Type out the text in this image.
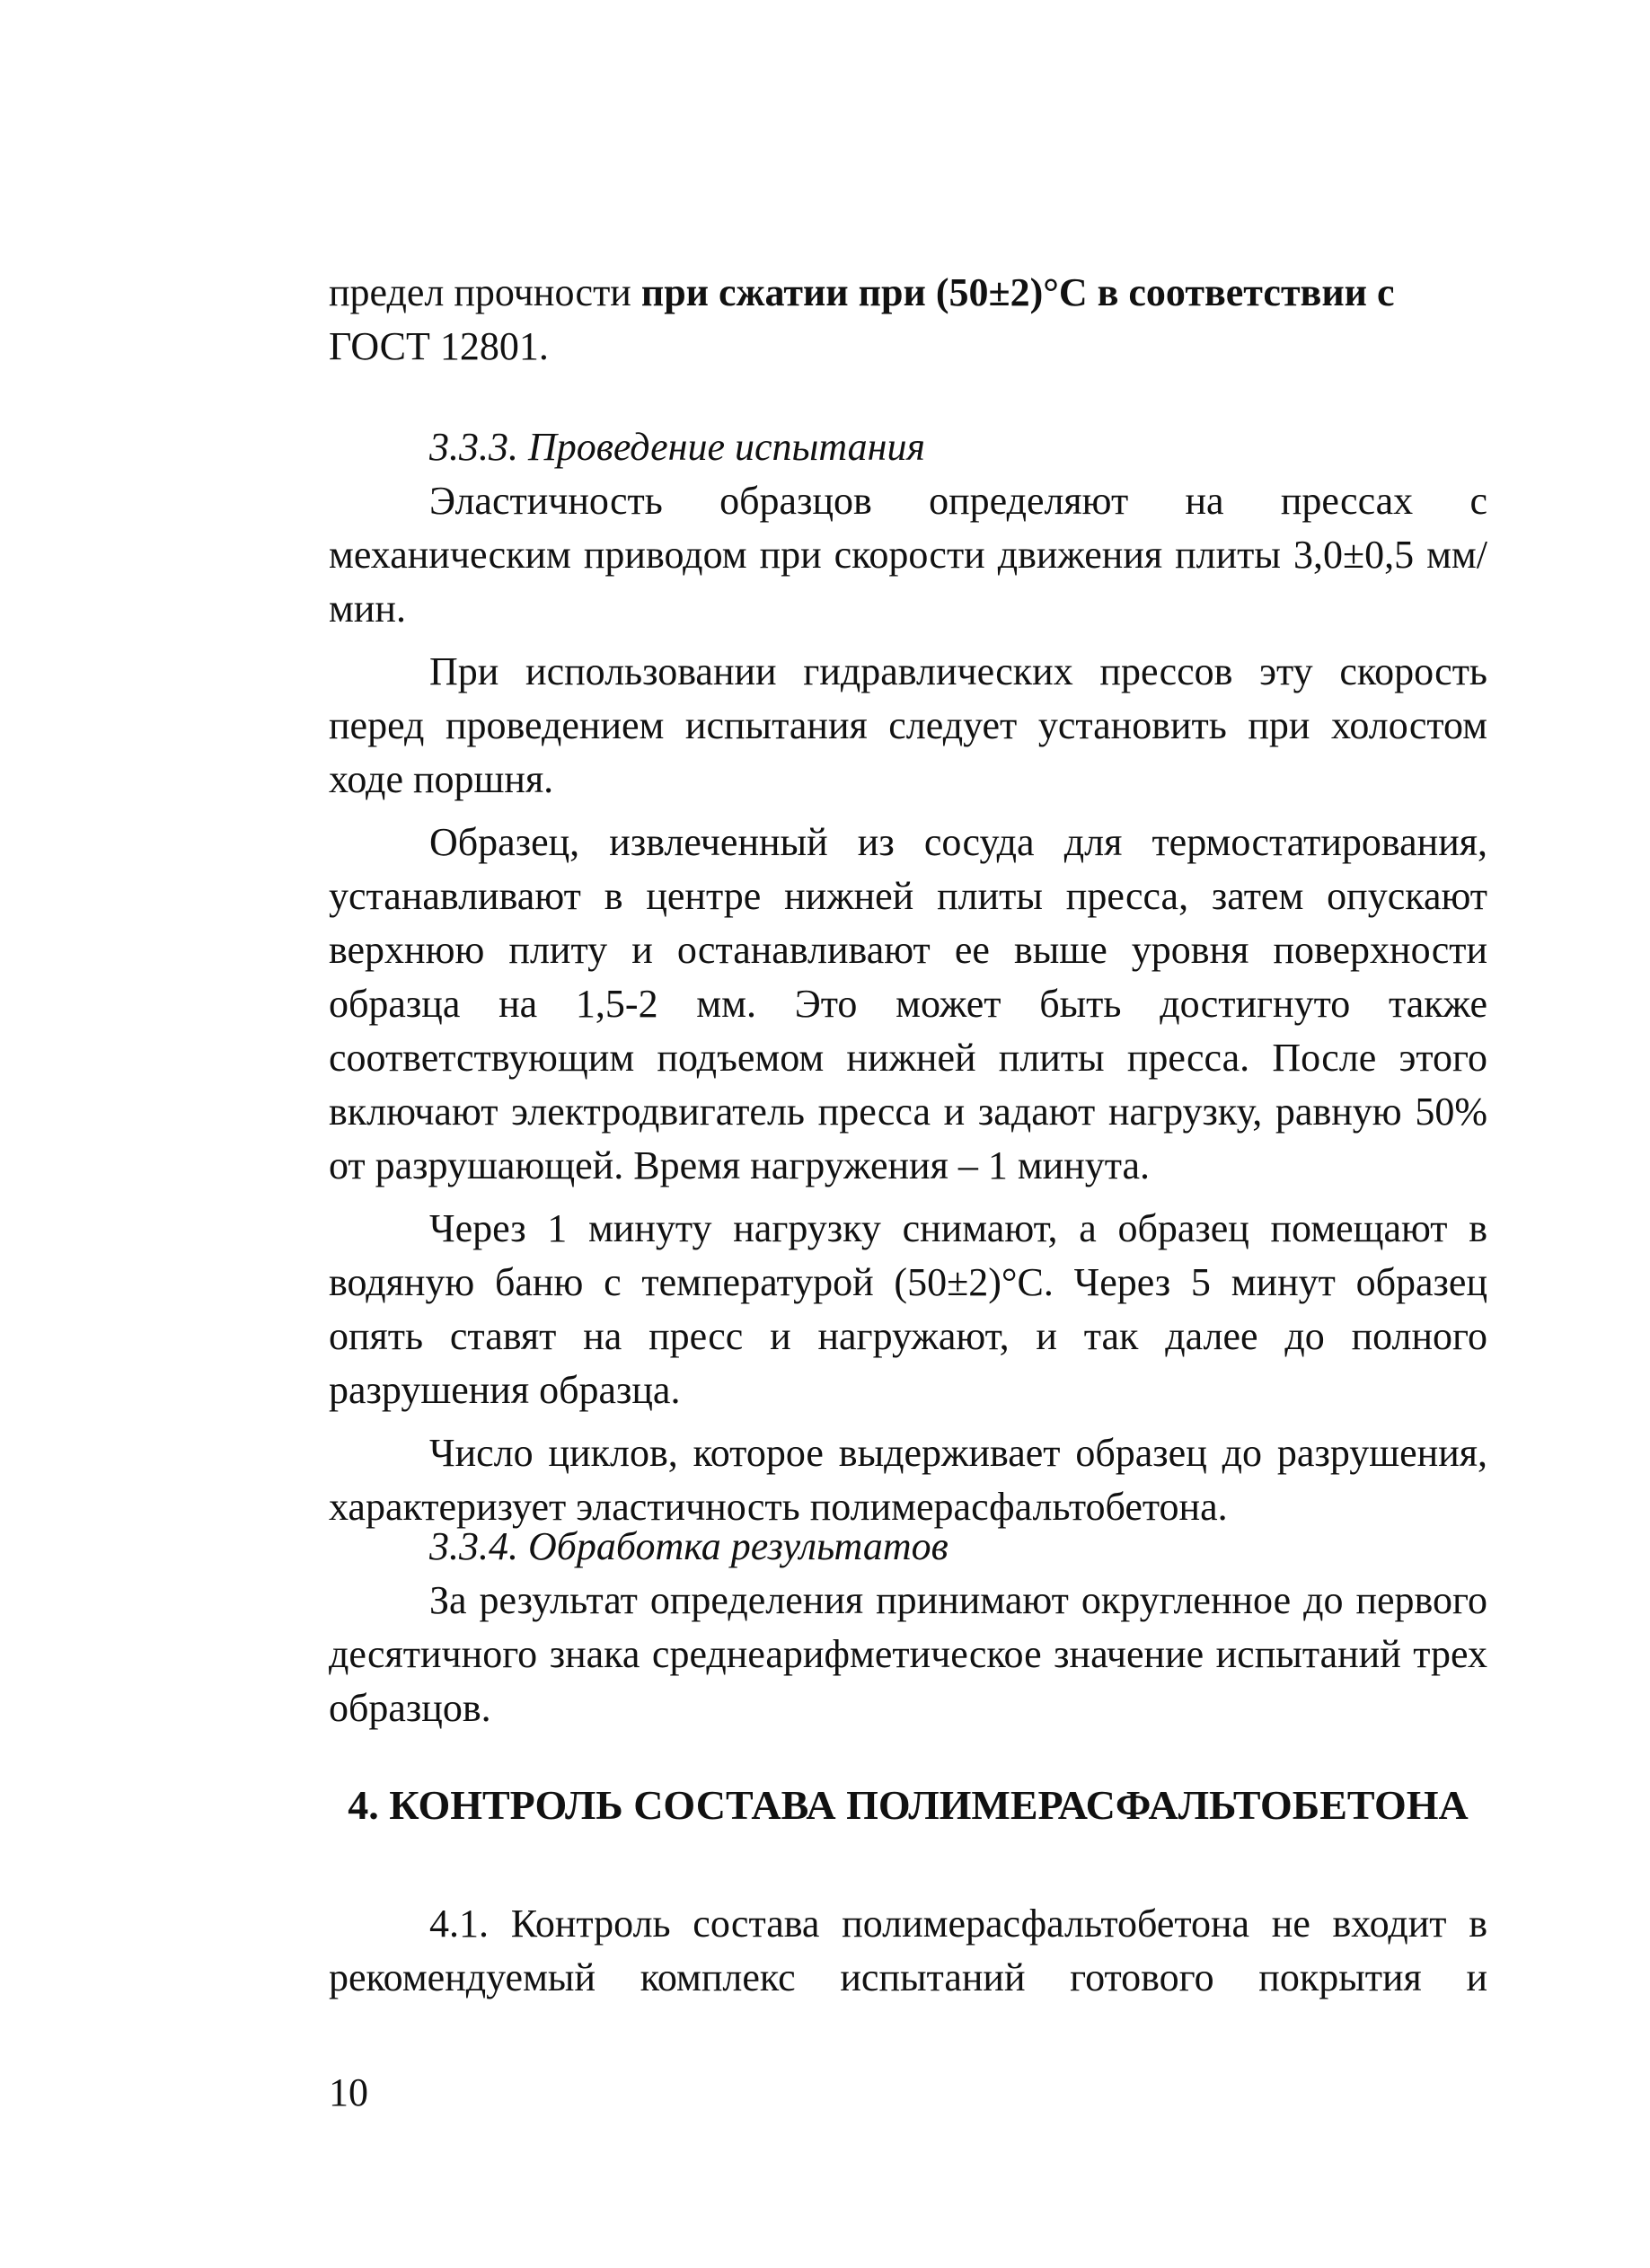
предел прочности при сжатии при (50±2)°С в соответствии с

ГОСТ 12801.

3.3.3. Проведение испытания

Эластичность образцов определяют на прессах с механическим приводом при скорости движения плиты 3,0±0,5 мм/мин.

При использовании гидравлических прессов эту скорость перед проведением испытания следует установить при холостом ходе поршня.

Образец, извлеченный из сосуда для термостатирования, устанавливают в центре нижней плиты пресса, затем опускают верхнюю плиту и останавливают ее выше уровня поверхности образца на 1,5-2 мм. Это может быть достигнуто также соответствующим подъемом нижней плиты пресса. После этого включают электродвигатель пресса и задают нагрузку, равную 50% от разрушающей. Время нагружения – 1 минута.

Через 1 минуту нагрузку снимают, а образец помещают в водяную баню с температурой (50±2)°С. Через 5 минут образец опять ставят на пресс и нагружают, и так далее до полного разрушения образца.

Число циклов, которое выдерживает образец до разрушения, характеризует эластичность полимерасфальтобетона.

3.3.4. Обработка результатов

За результат определения принимают округленное до первого десятичного знака среднеарифметическое значение испытаний трех образцов.

4. КОНТРОЛЬ СОСТАВА ПОЛИМЕРАСФАЛЬТОБЕТОНА

4.1. Контроль состава полимерасфальтобетона не входит в рекомендуемый комплекс испытаний готового покрытия и

10
